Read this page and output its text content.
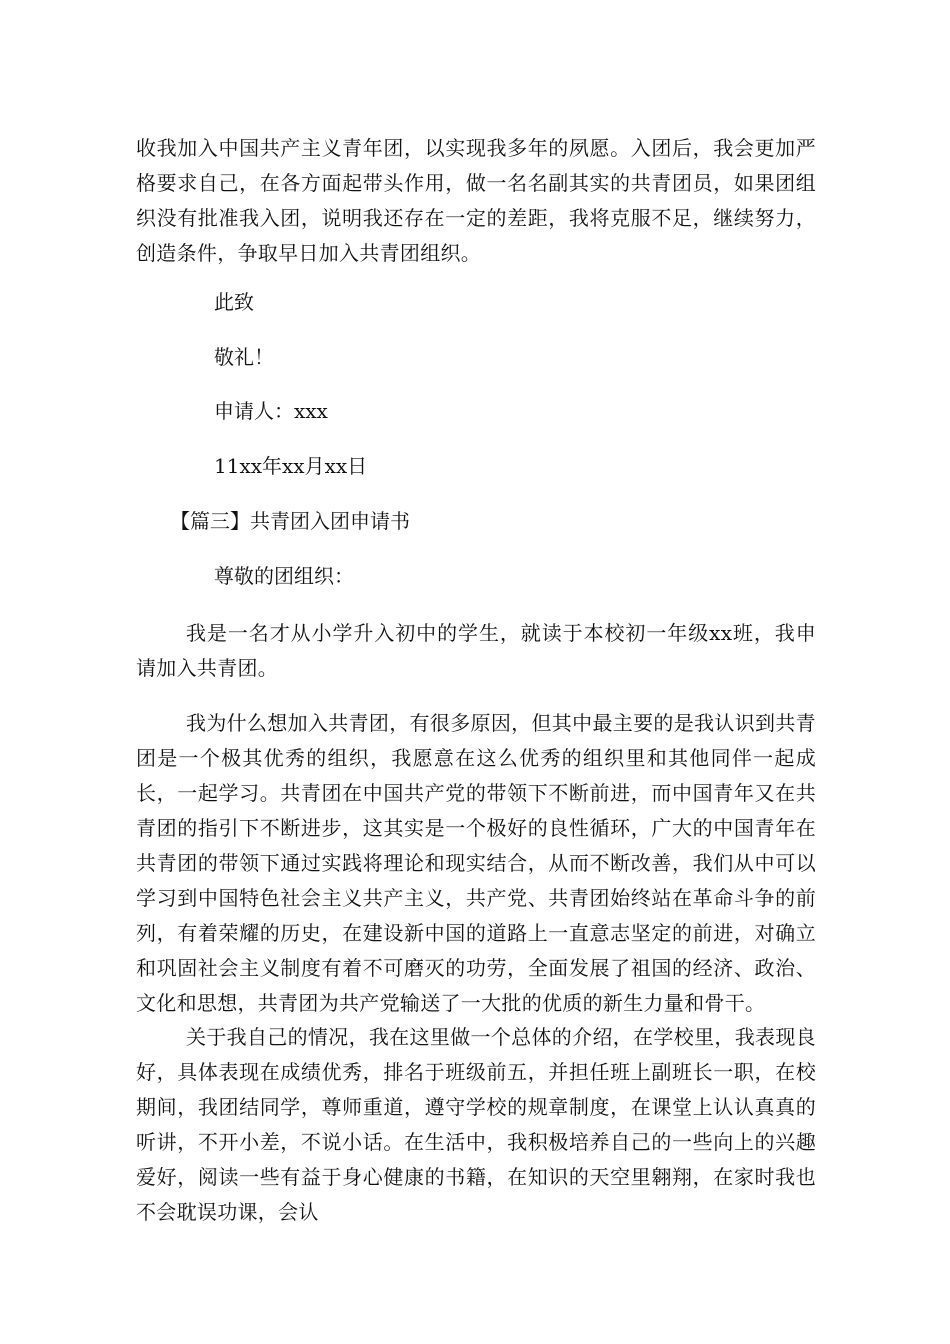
收我加入中国共产主义青年团，以实现我多年的夙愿。入团后，我会更加严格要求自己，在各方面起带头作用，做一名名副其实的共青团员，如果团组织没有批准我入团，说明我还存在一定的差距，我将克服不足，继续努力，创造条件，争取早日加入共青团组织。

此致

敬礼！

申请人：xxx

11xx年xx月xx日

【篇三】共青团入团申请书

尊敬的团组织：

我是一名才从小学升入初中的学生，就读于本校初一年级xx班，我申请加入共青团。

我为什么想加入共青团，有很多原因，但其中最主要的是我认识到共青团是一个极其优秀的组织，我愿意在这么优秀的组织里和其他同伴一起成长，一起学习。共青团在中国共产党的带领下不断前进，而中国青年又在共青团的指引下不断进步，这其实是一个极好的良性循环，广大的中国青年在共青团的带领下通过实践将理论和现实结合，从而不断改善，我们从中可以学习到中国特色社会主义共产主义，共产党、共青团始终站在革命斗争的前列，有着荣耀的历史，在建设新中国的道路上一直意志坚定的前进，对确立和巩固社会主义制度有着不可磨灭的功劳，全面发展了祖国的经济、政治、文化和思想，共青团为共产党输送了一大批的优质的新生力量和骨干。

关于我自己的情况，我在这里做一个总体的介绍，在学校里，我表现良好，具体表现在成绩优秀，排名于班级前五，并担任班上副班长一职，在校期间，我团结同学，尊师重道，遵守学校的规章制度，在课堂上认认真真的听讲，不开小差，不说小话。在生活中，我积极培养自己的一些向上的兴趣爱好，阅读一些有益于身心健康的书籍，在知识的天空里翱翔，在家时我也不会耽误功课，会认
